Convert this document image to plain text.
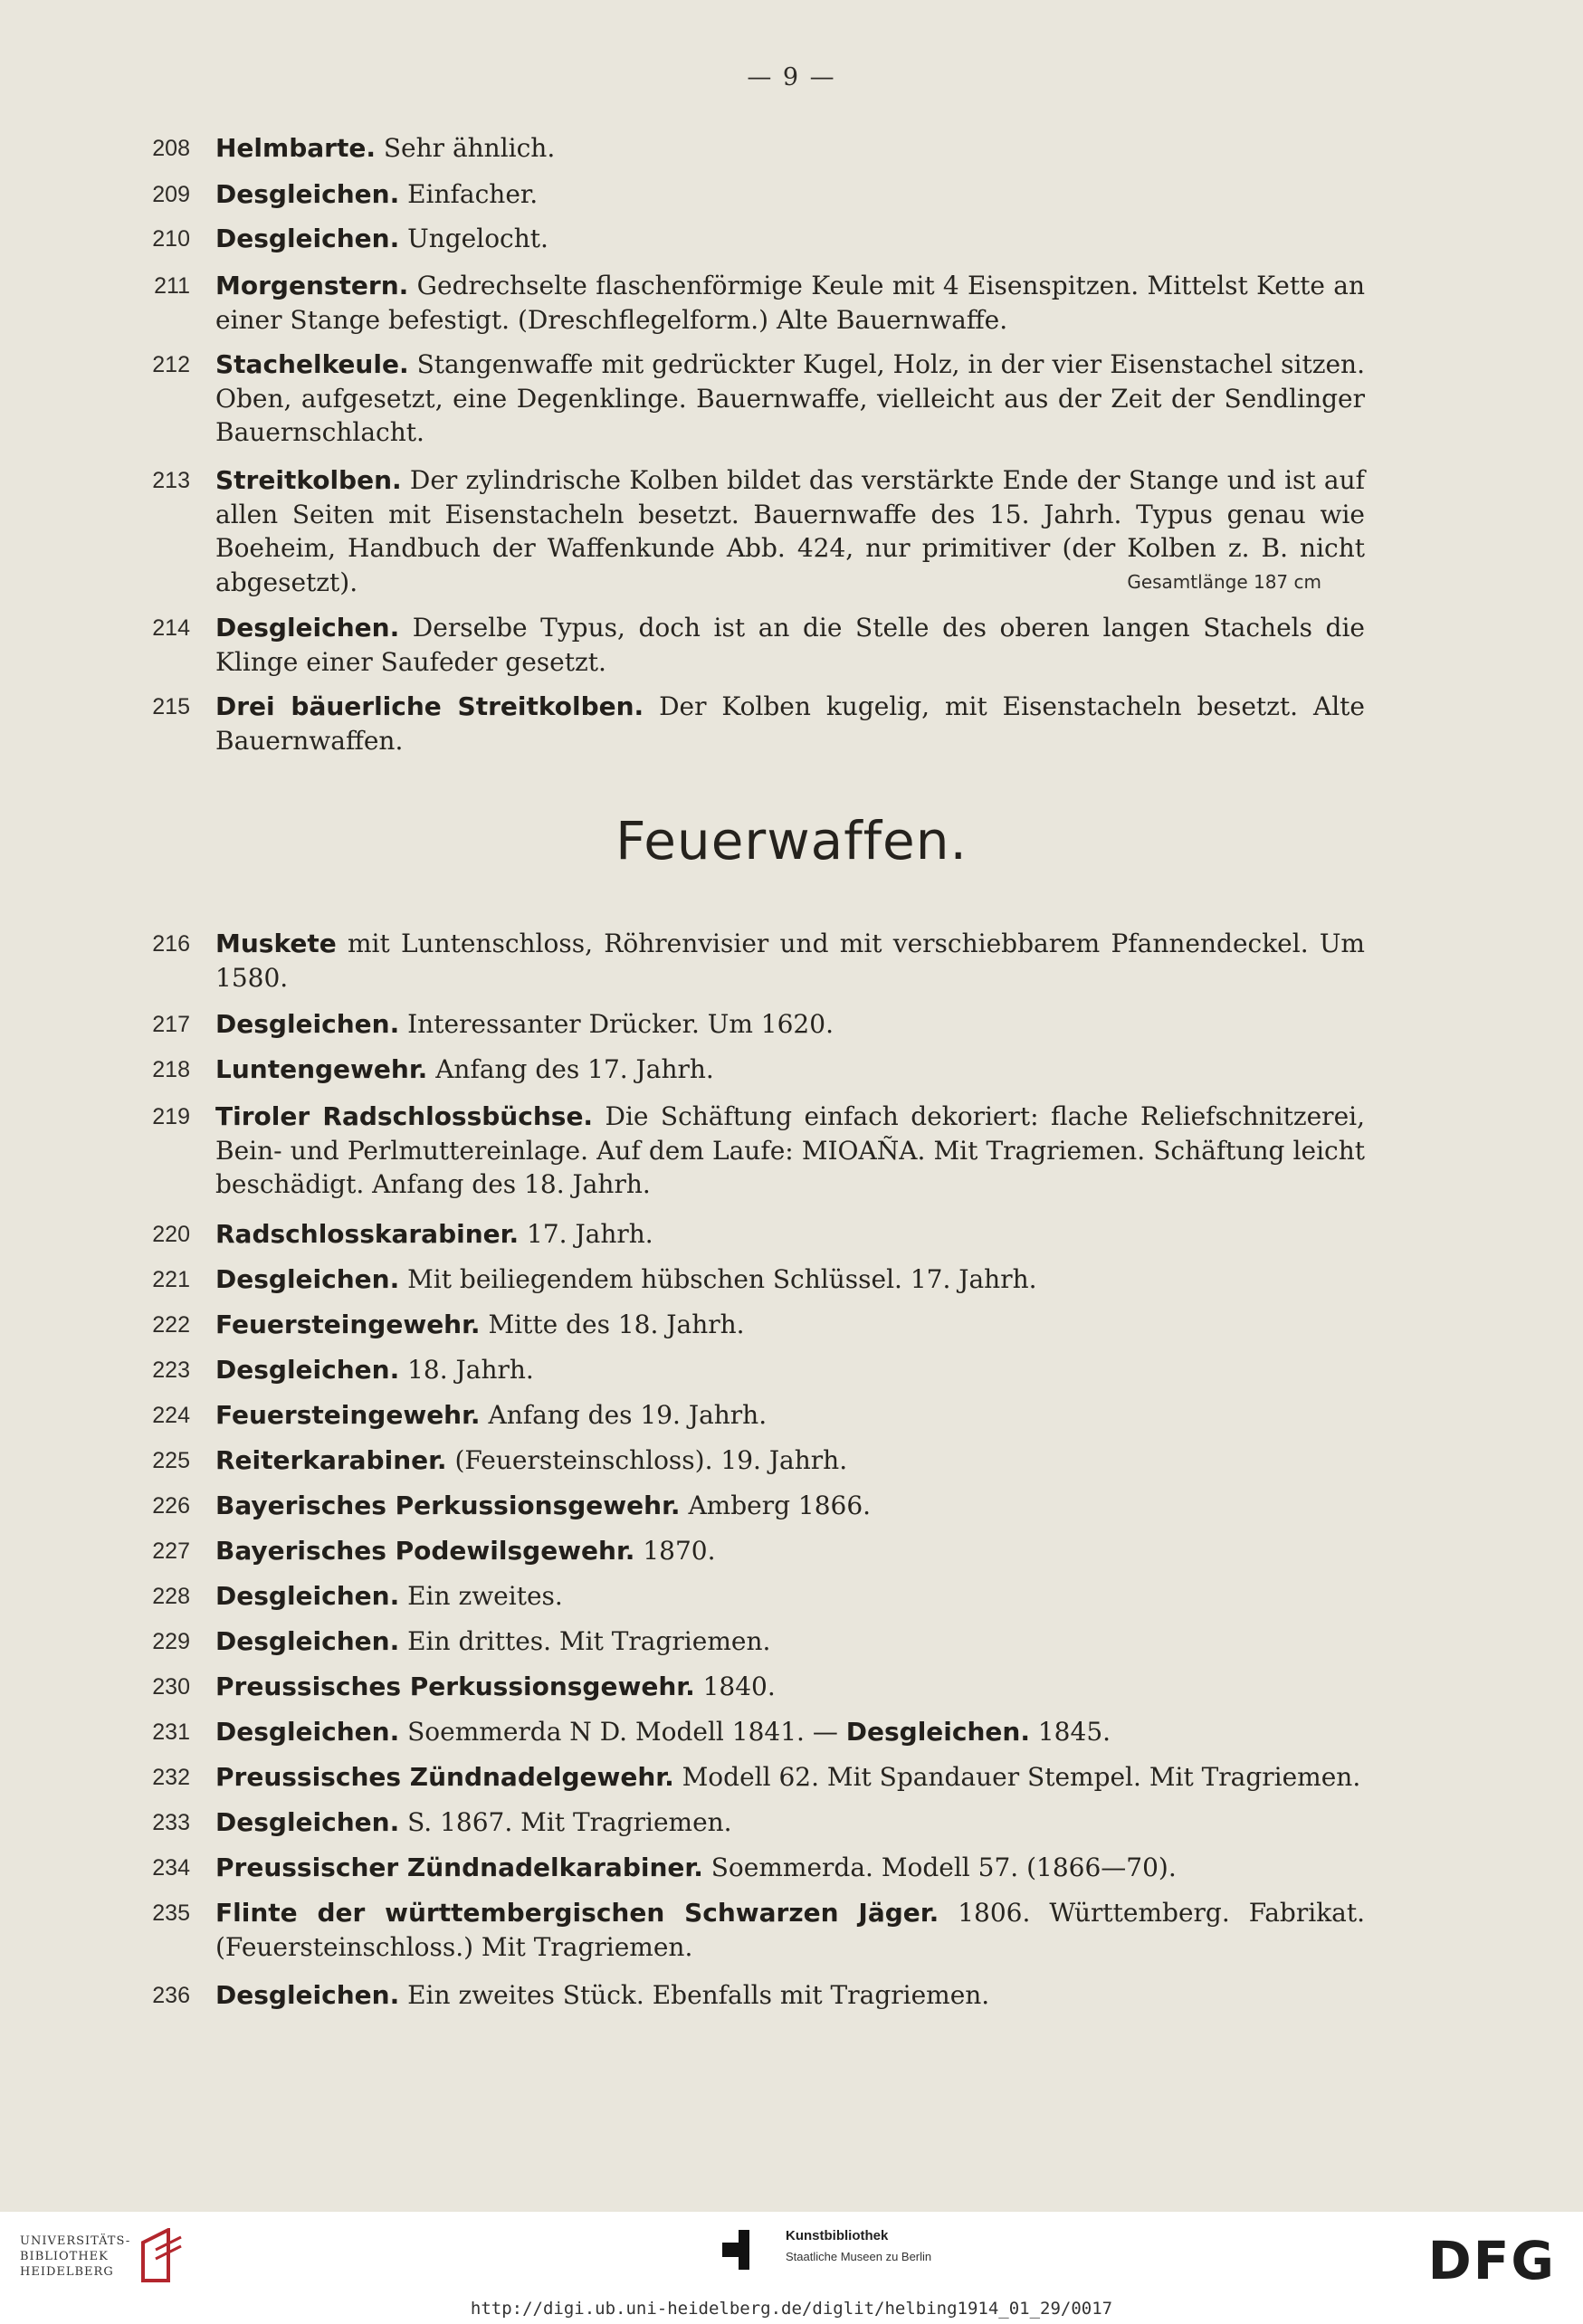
— 9 —
208 Helmbarte. Sehr ähnlich.
209 Desgleichen. Einfacher.
210 Desgleichen. Ungelocht.
211 Morgenstern. Gedrechselte flaschenförmige Keule mit 4 Eisenspitzen. Mittelst Kette an einer Stange befestigt. (Dreschflegelform.) Alte Bauernwaffe.
212 Stachelkeule. Stangenwaffe mit gedrückter Kugel, Holz, in der vier Eisenstachel sitzen. Oben, aufgesetzt, eine Degenklinge. Bauernwaffe, vielleicht aus der Zeit der Sendlinger Bauernschlacht.
213 Streitkolben. Der zylindrische Kolben bildet das verstärkte Ende der Stange und ist auf allen Seiten mit Eisenstacheln besetzt. Bauernwaffe des 15. Jahrh. Typus genau wie Boeheim, Handbuch der Waffenkunde Abb. 424, nur primitiver (der Kolben z. B. nicht abgesetzt).	Gesamtlänge 187 cm
214 Desgleichen. Derselbe Typus, doch ist an die Stelle des oberen langen Stachels die Klinge einer Saufeder gesetzt.
215 Drei bäuerliche Streitkolben. Der Kolben kugelig, mit Eisenstacheln besetzt. Alte Bauernwaffen.
Feuerwaffen.
216 Muskete mit Luntenschloss, Röhrenvisier und mit verschiebbarem Pfannendeckel. Um 1580.
217 Desgleichen. Interessanter Drücker. Um 1620.
218 Luntengewehr. Anfang des 17. Jahrh.
219 Tiroler Radschlossbüchse. Die Schäftung einfach dekoriert: flache Reliefschnitzerei, Bein- und Perlmuttereinlage. Auf dem Laufe: MIOAÑA. Mit Tragriemen. Schäftung leicht beschädigt. Anfang des 18. Jahrh.
220 Radschlosskarabiner. 17. Jahrh.
221 Desgleichen. Mit beiliegendem hübschen Schlüssel. 17. Jahrh.
222 Feuersteingewehr. Mitte des 18. Jahrh.
223 Desgleichen. 18. Jahrh.
224 Feuersteingewehr. Anfang des 19. Jahrh.
225 Reiterkarabiner. (Feuersteinschloss). 19. Jahrh.
226 Bayerisches Perkussionsgewehr. Amberg 1866.
227 Bayerisches Podewilsgewehr. 1870.
228 Desgleichen. Ein zweites.
229 Desgleichen. Ein drittes. Mit Tragriemen.
230 Preussisches Perkussionsgewehr. 1840.
231 Desgleichen. Soemmerda N D. Modell 1841. — Desgleichen. 1845.
232 Preussisches Zündnadelgewehr. Modell 62. Mit Spandauer Stempel. Mit Tragriemen.
233 Desgleichen. S. 1867. Mit Tragriemen.
234 Preussischer Zündnadelkarabiner. Soemmerda. Modell 57. (1866—70).
235 Flinte der württembergischen Schwarzen Jäger. 1806. Württemberg. Fabrikat. (Feuersteinschloss.) Mit Tragriemen.
236 Desgleichen. Ein zweites Stück. Ebenfalls mit Tragriemen.
UNIVERSITÄTS-
BIBLIOTHEK
HEIDELBERG
Kunstbibliothek
Staatliche Museen zu Berlin	DFG
http://digi.ub.uni-heidelberg.de/diglit/helbing1914_01_29/0017
